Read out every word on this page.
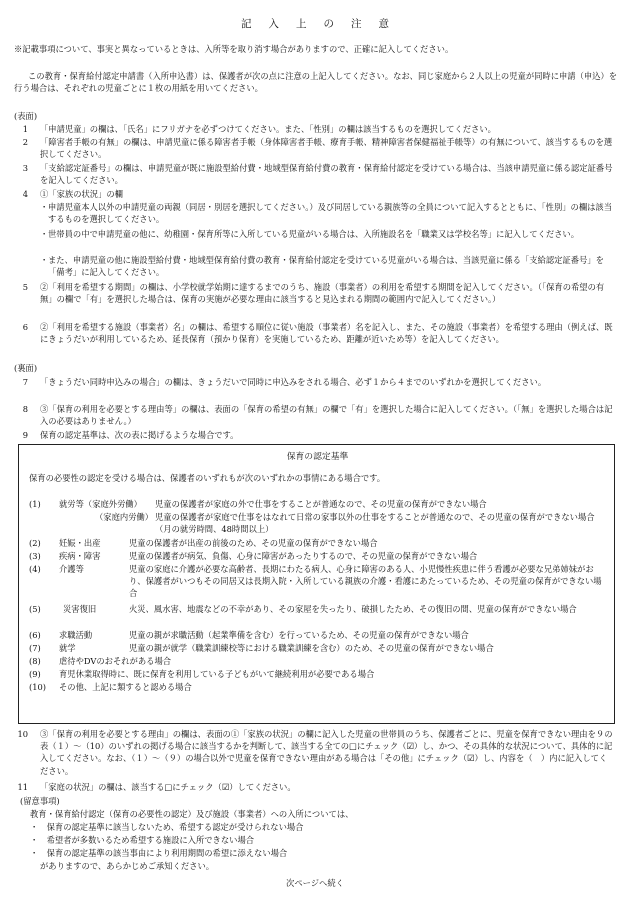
記入上の注意
※記載事項について、事実と異なっているときは、入所等を取り消す場合がありますので、正確に記入してください。
この教育・保育給付認定申請書（入所申込書）は、保護者が次の点に注意の上記入してください。なお、同じ家庭から２人以上の児童が同時に申請（申込）を行う場合は、それぞれの児童ごとに１枚の用紙を用いてください。
(表面)
1 「申請児童」の欄は、「氏名」にフリガナを必ずつけてください。また、「性別」の欄は該当するものを選択してください。
2 「障害者手帳の有無」の欄は、申請児童に係る障害者手帳（身体障害者手帳、療育手帳、精神障害者保健福祉手帳等）の有無について、該当するものを選択してください。
3 「支給認定証番号」の欄は、申請児童が既に施設型給付費・地域型保育給付費の教育・保育給付認定を受けている場合は、当該申請児童に係る認定証番号を記入してください。
4 ①「家族の状況」の欄
・ 申請児童本人以外の申請児童の両親（同居・別居を選択してください。）及び同居している親族等の全員について記入するとともに、「性別」の欄は該当するものを選択してください。
・ 世帯員の中で申請児童の他に、幼稚園・保育所等に入所している児童がいる場合は、入所施設名を「職業又は学校名等」に記入してください。
・ また、申請児童の他に施設型給付費・地域型保育給付費の教育・保育給付認定を受けている児童がいる場合は、当該児童に係る「支給認定証番号」を「備考」に記入してください。
5 ②「利用を希望する期間」の欄は、小学校就学始期に達するまでのうち、施設（事業者）の利用を希望する期間を記入してください。（「保育の希望の有無」の欄で「有」を選択した場合は、保育の実施が必要な理由に該当すると見込まれる期間の範囲内で記入してください。）
6 ②「利用を希望する施設（事業者）名」の欄は、希望する順位に従い施設（事業者）名を記入し、また、その施設（事業者）を希望する理由（例えば、既にきょうだいが利用しているため、延長保育（預かり保育）を実施しているため、距離が近いため等）を記入してください。
(裏面)
7 「きょうだい同時申込みの場合」の欄は、きょうだいで同時に申込みをされる場合、必ず１から４までのいずれかを選択してください。
8 ③「保育の利用を必要とする理由等」の欄は、表面の「保育の希望の有無」の欄で「有」を選択した場合に記入してください。（「無」を選択した場合は記入の必要はありません。）
9 保育の認定基準は、次の表に掲げるような場合です。
保育の認定基準
保育の必要性の認定を受ける場合は、保護者のいずれもが次のいずれかの事情にある場合です。
(1)	就労等（家庭外労働） 児童の保護者が家庭の外で仕事をすることが普通なので、その児童の保育ができない場合
（家庭内労働） 児童の保護者が家庭で仕事をはなれて日常の家事以外の仕事をすることが普通なので、その児童の保育ができない場合（月の就労時間、48時間以上）
(2)	妊娠・出産	児童の保護者が出産の前後のため、その児童の保育ができない場合
(3)	疾病・障害	児童の保護者が病気、負傷、心身に障害があったりするので、その児童の保育ができない場合
(4)	介護等	児童の家庭に介護が必要な高齢者、長期にわたる病人、心身に障害のある人、小児慢性疾患に伴う看護が必要な兄弟姉妹がおり、保護者がいつもその同居又は長期入院・入所している親族の介護・看護にあたっているため、その児童の保育ができない場合
(5)	災害復旧	火災、風水害、地震などの不幸があり、その家屋を失ったり、破損したため、その復旧の間、児童の保育ができない場合
(6)	求職活動	児童の親が求職活動（起業準備を含む）を行っているため、その児童の保育ができない場合
(7)	就学	児童の親が就学（職業訓練校等における職業訓練を含む）のため、その児童の保育ができない場合
(8)	虐待やDVのおそれがある場合
(9)	育児休業取得時に、既に保育を利用している子どもがいて継続利用が必要である場合
(10)	その他、上記に類すると認める場合
10 ③「保育の利用を必要とする理由」の欄は、表面の①「家族の状況」の欄に記入した児童の世帯員のうち、保護者ごとに、児童を保育できない理由を９の表（１）～（10）のいずれの掲げる場合に該当するかを判断して、該当する全ての□にチェック（☑）し、かつ、その具体的な状況について、具体的に記入してください。なお、（１）～（９）の場合以外で児童を保育できない理由がある場合は「その他」にチェック（☑）し、内容を（　）内に記入してください。
11 「家庭の状況」の欄は、該当する□にチェック（☑）してください。
(留意事項)
教育・保育給付認定（保育の必要性の認定）及び施設（事業者）への入所については、
・　保育の認定基準に該当しないため、希望する認定が受けられない場合
・　希望者が多数いるため希望する施設に入所できない場合
・　保育の認定基準の該当事由により利用期間の希望に添えない場合
がありますので、あらかじめご承知ください。
次ページへ続く
